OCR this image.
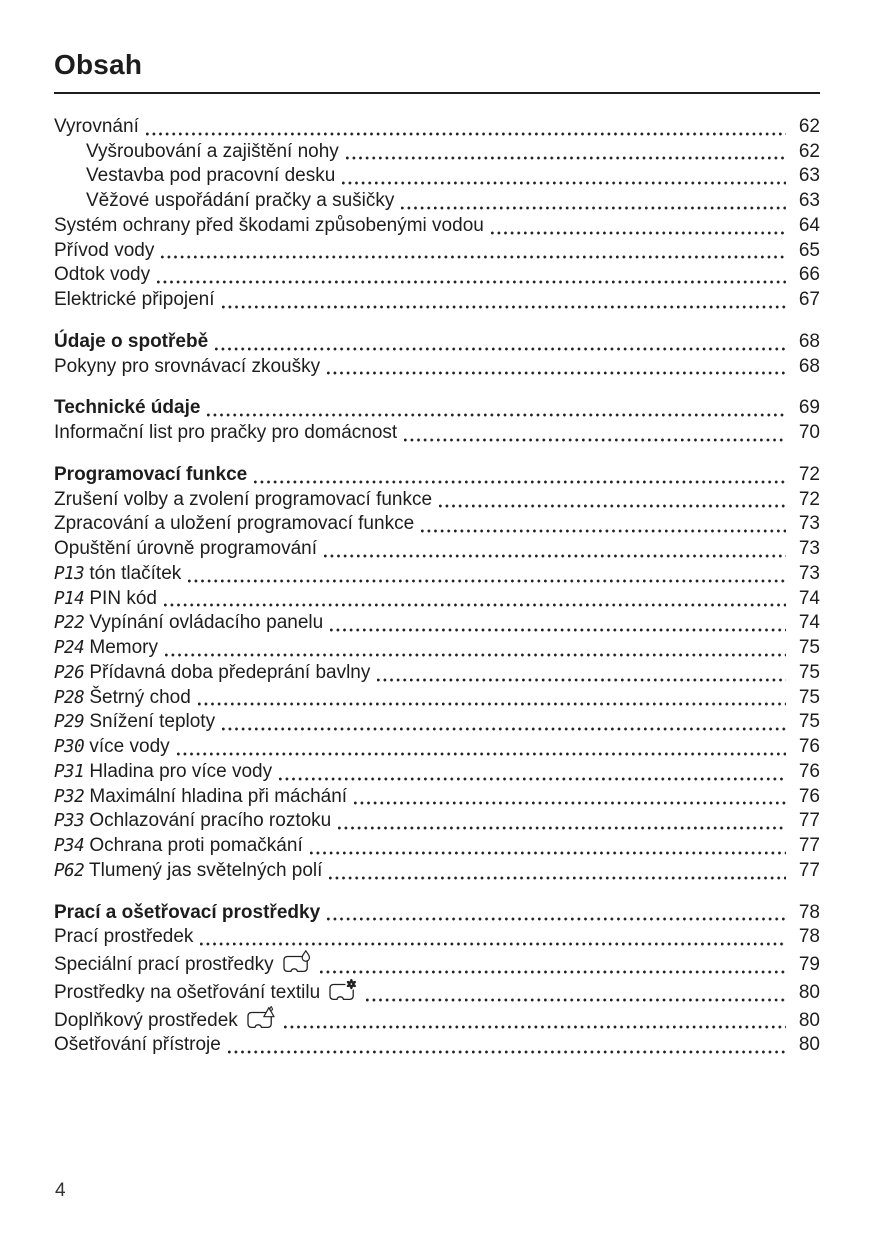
Obsah
Vyrovnání	62
Vyšroubování a zajištění nohy	62
Vestavba pod pracovní desku	63
Věžové uspořádání pračky a sušičky	63
Systém ochrany před škodami způsobenými vodou	64
Přívod vody	65
Odtok vody	66
Elektrické připojení	67
Údaje o spotřebě	68
Pokyny pro srovnávací zkoušky	68
Technické údaje	69
Informační list pro pračky pro domácnost	70
Programovací funkce	72
Zrušení volby a zvolení programovací funkce	72
Zpracování a uložení programovací funkce	73
Opuštění úrovně programování	73
P13 tón tlačítek	73
P14 PIN kód	74
P22 Vypínání ovládacího panelu	74
P24 Memory	75
P26 Přídavná doba předeprání bavlny	75
P28 Šetrný chod	75
P29 Snížení teploty	75
P30 více vody	76
P31 Hladina pro více vody	76
P32 Maximální hladina při máchání	76
P33 Ochlazování pracího roztoku	77
P34 Ochrana proti pomačkání	77
P62 Tlumený jas světelných polí	77
Prací a ošetřovací prostředky	78
Prací prostředek	78
Speciální prací prostředky	79
Prostředky na ošetřování textilu	80
Doplňkový prostředek	80
Ošetřování přístroje	80
4
